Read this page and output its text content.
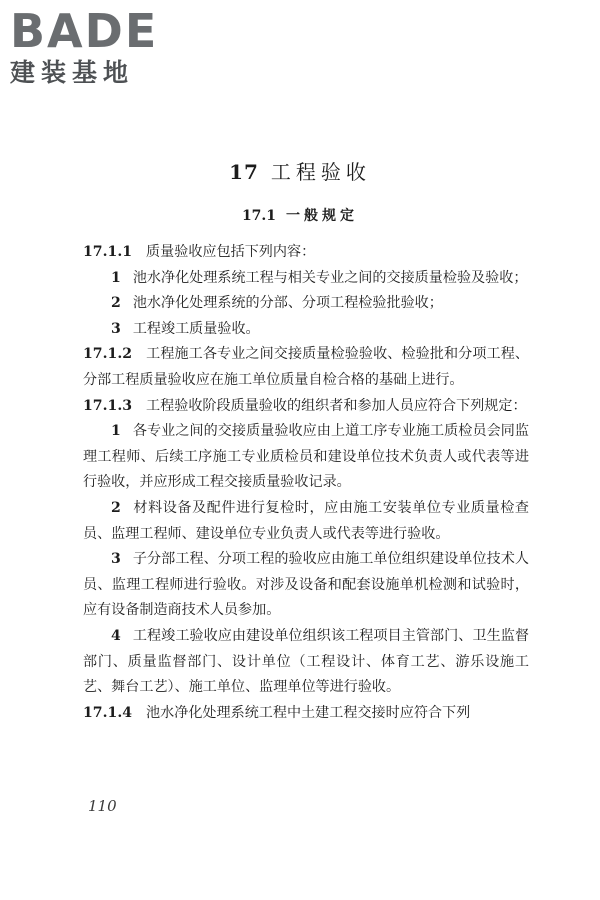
BADE
建装基地
17 工程验收
17.1 一般规定

17.1.1 质量验收应包括下列内容：

1 池水净化处理系统工程与相关专业之间的交接质量检验及验收；

2 池水净化处理系统的分部、分项工程检验批验收；

3 工程竣工质量验收。

17.1.2 工程施工各专业之间交接质量检验验收、检验批和分项工程、分部工程质量验收应在施工单位质量自检合格的基础上进行。

17.1.3 工程验收阶段质量验收的组织者和参加人员应符合下列规定：

1 各专业之间的交接质量验收应由上道工序专业施工质检员会同监理工程师、后续工序施工专业质检员和建设单位技术负责人或代表等进行验收，并应形成工程交接质量验收记录。

2 材料设备及配件进行复检时，应由施工安装单位专业质量检查员、监理工程师、建设单位专业负责人或代表等进行验收。

3 子分部工程、分项工程的验收应由施工单位组织建设单位技术人员、监理工程师进行验收。对涉及设备和配套设施单机检测和试验时，应有设备制造商技术人员参加。

4 工程竣工验收应由建设单位组织该工程项目主管部门、卫生监督部门、质量监督部门、设计单位（工程设计、体育工艺、游乐设施工艺、舞台工艺）、施工单位、监理单位等进行验收。

17.1.4 池水净化处理系统工程中土建工程交接时应符合下列

110
